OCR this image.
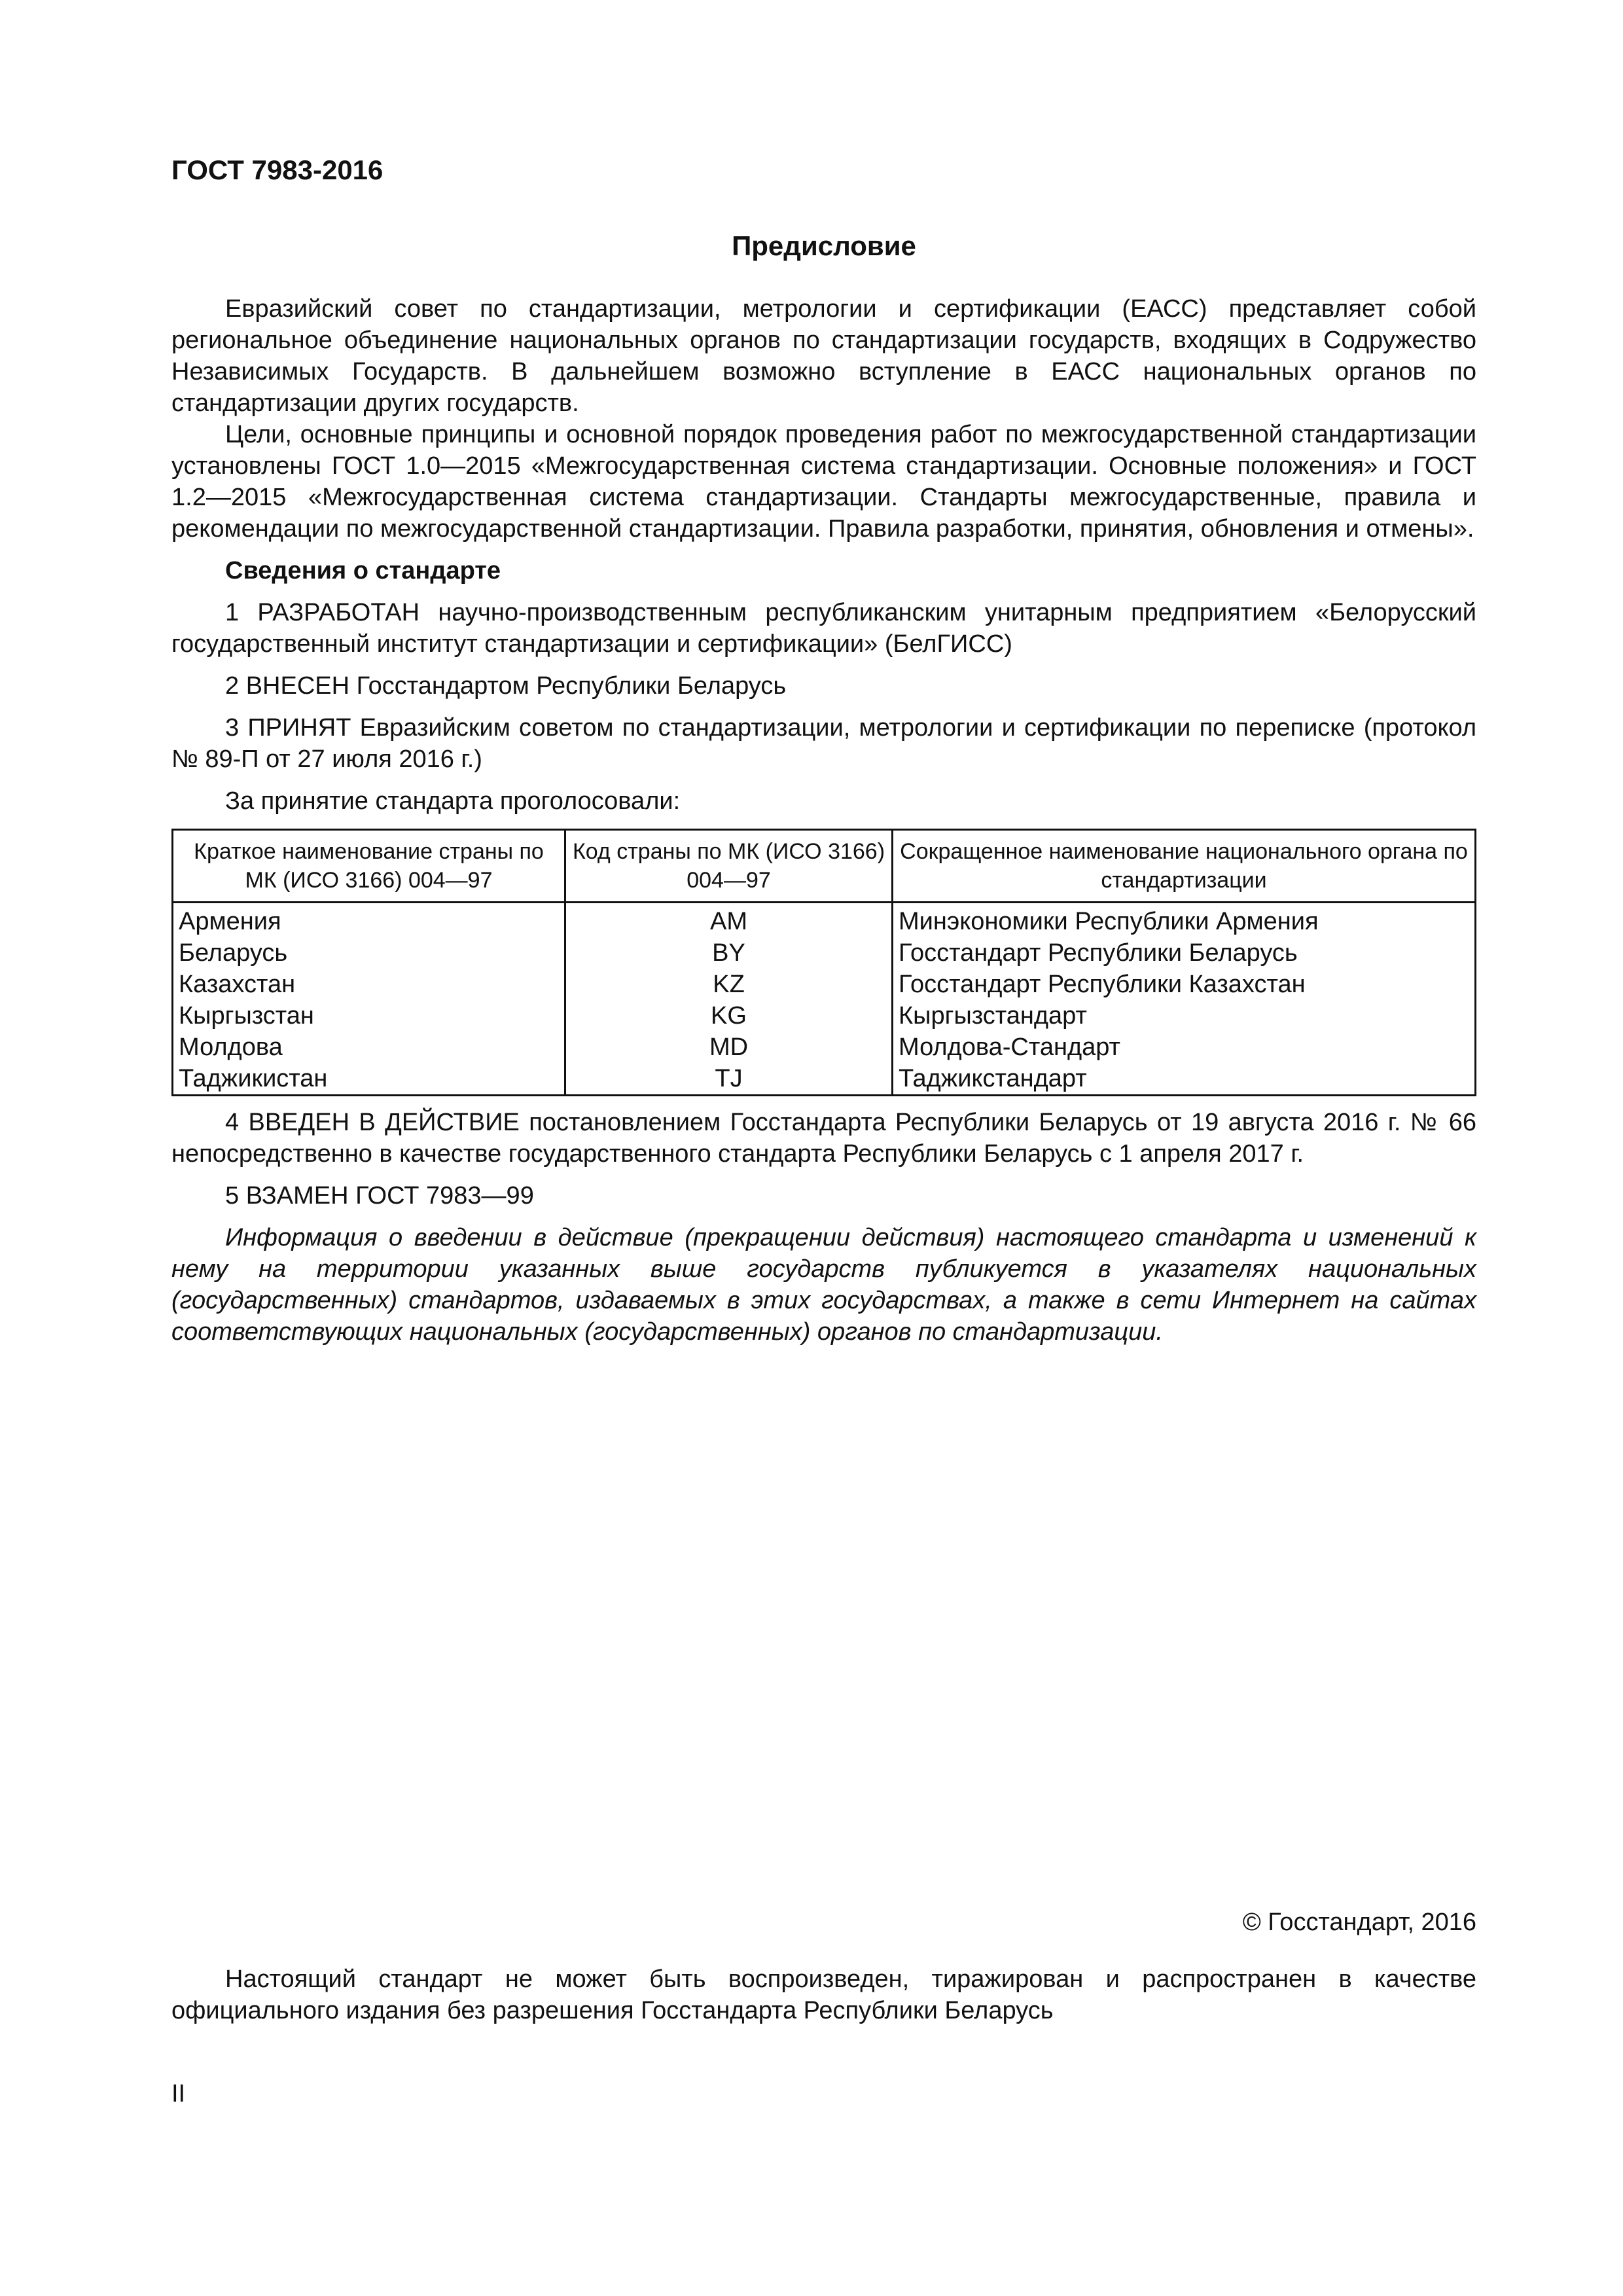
ГОСТ 7983-2016

Предисловие

Евразийский совет по стандартизации, метрологии и сертификации (ЕАСС) представляет собой региональное объединение национальных органов по стандартизации государств, входящих в Содружество Независимых Государств. В дальнейшем возможно вступление в ЕАСС национальных органов по стандартизации других государств.

Цели, основные принципы и основной порядок проведения работ по межгосударственной стандартизации установлены ГОСТ 1.0—2015 «Межгосударственная система стандартизации. Основные положения» и ГОСТ 1.2—2015 «Межгосударственная система стандартизации. Стандарты межгосударственные, правила и рекомендации по межгосударственной стандартизации. Правила разработки, принятия, обновления и отмены».

Сведения о стандарте

1 РАЗРАБОТАН научно-производственным республиканским унитарным предприятием «Белорусский государственный институт стандартизации и сертификации» (БелГИСС)

2 ВНЕСЕН Госстандартом Республики Беларусь

3 ПРИНЯТ Евразийским советом по стандартизации, метрологии и сертификации по переписке (протокол № 89-П от 27 июля 2016 г.)

За принятие стандарта проголосовали:

Краткое наименование страны по МК (ИСО 3166) 004—97	Код страны по МК (ИСО 3166) 004—97	Сокращенное наименование национального органа по стандартизации
Армения	AM	Минэкономики Республики Армения
Беларусь	BY	Госстандарт Республики Беларусь
Казахстан	KZ	Госстандарт Республики Казахстан
Кыргызстан	KG	Кыргызстандарт
Молдова	MD	Молдова-Стандарт
Таджикистан	TJ	Таджикстандарт

4 ВВЕДЕН В ДЕЙСТВИЕ постановлением Госстандарта Республики Беларусь от 19 августа 2016 г. № 66 непосредственно в качестве государственного стандарта Республики Беларусь с 1 апреля 2017 г.

5 ВЗАМЕН ГОСТ 7983—99

Информация о введении в действие (прекращении действия) настоящего стандарта и изменений к нему на территории указанных выше государств публикуется в указателях национальных (государственных) стандартов, издаваемых в этих государствах, а также в сети Интернет на сайтах соответствующих национальных (государственных) органов по стандартизации.

© Госстандарт, 2016

Настоящий стандарт не может быть воспроизведен, тиражирован и распространен в качестве официального издания без разрешения Госстандарта Республики Беларусь

II
